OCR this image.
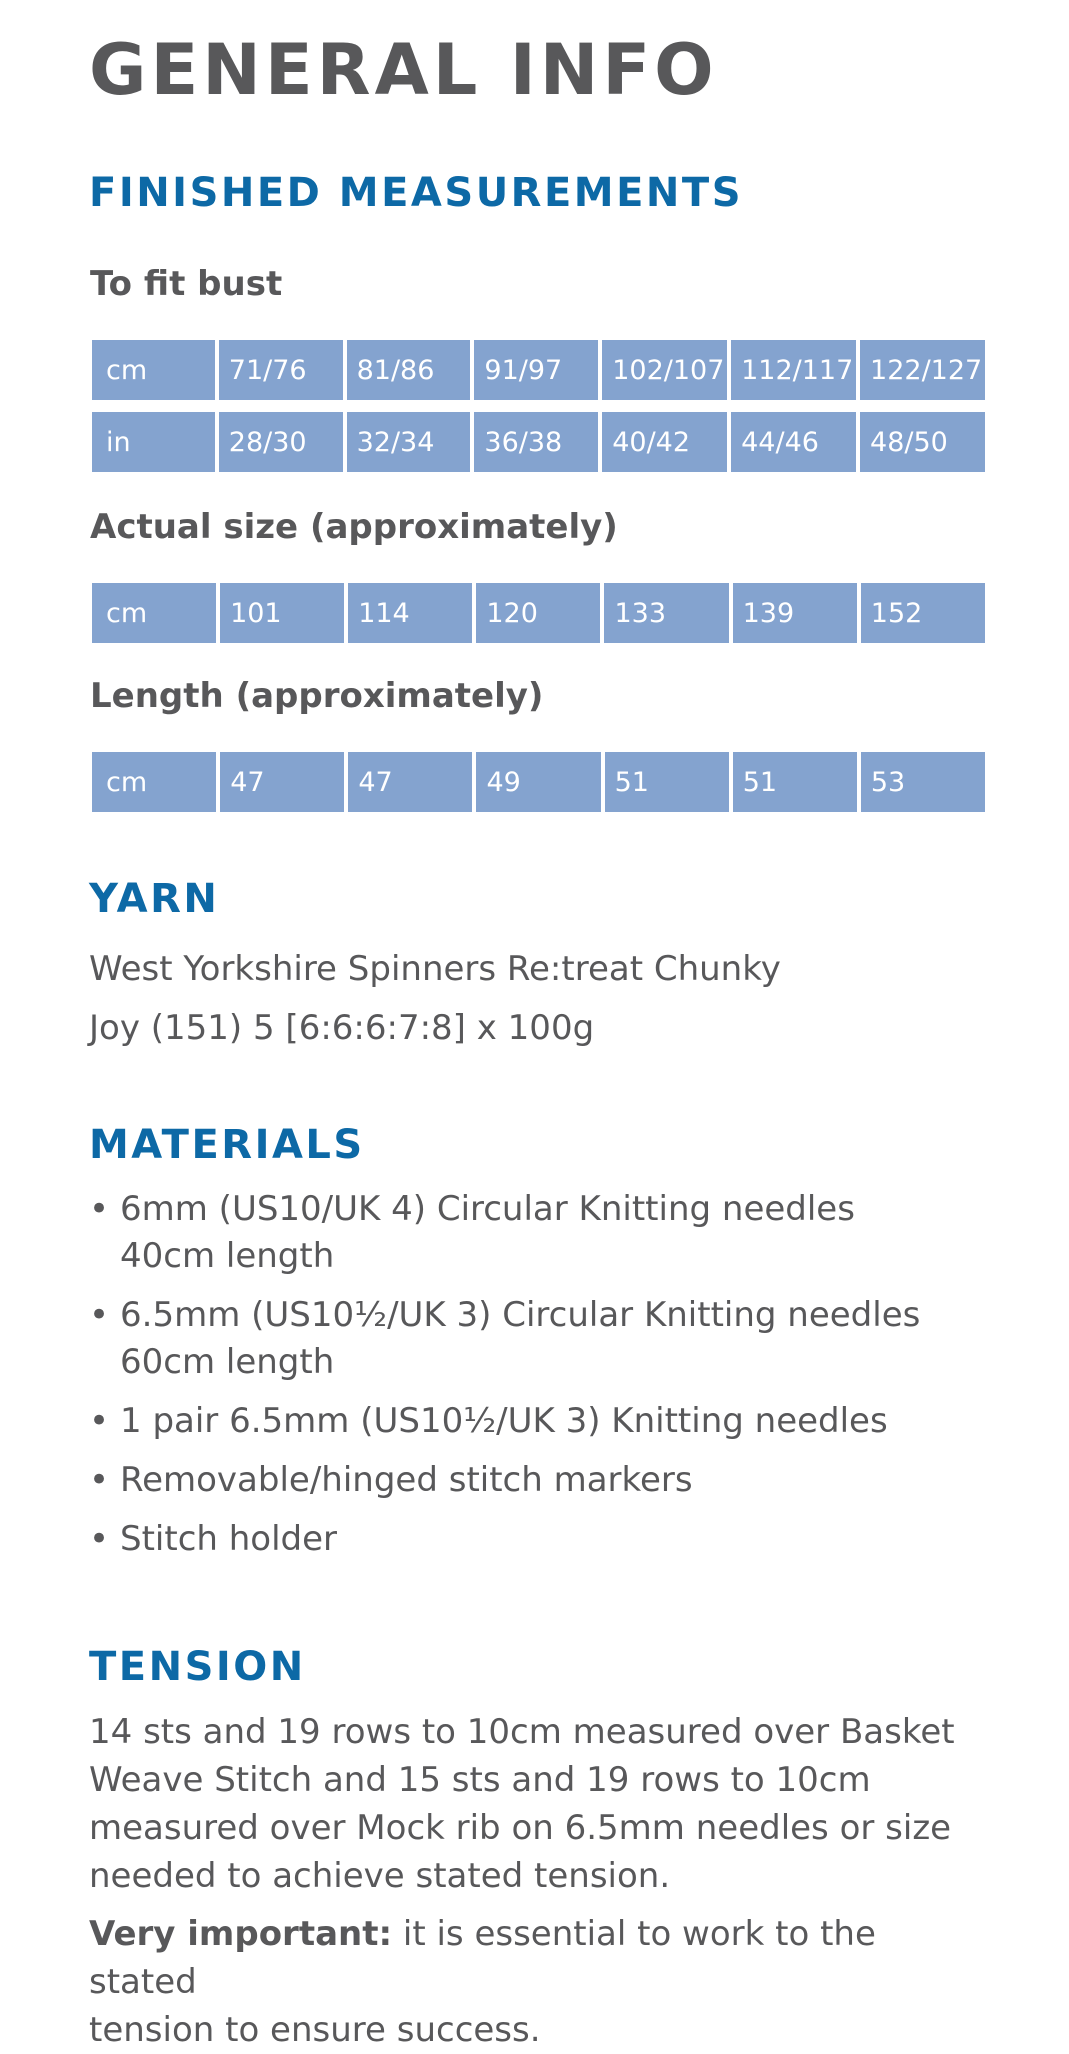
GENERAL INFO
FINISHED MEASUREMENTS

To fit bust

cm	71/76	81/86	91/97	102/107	112/117	122/127

in	28/30	32/34	36/38	40/42	44/46	48/50

Actual size (approximately)

cm	101	114	120	133	139	152

Length (approximately)

cm	47	47	49	51	51	53
YARN

West Yorkshire Spinners Re:treat Chunky
Joy (151) 5 [6:6:6:7:8] x 100g

MATERIALS
• 6mm (US10/UK 4) Circular Knitting needles
40cm length
• 6.5mm (US10½/UK 3) Circular Knitting needles
60cm length
• 1 pair 6.5mm (US10½/UK 3) Knitting needles
• Removable/hinged stitch markers
• Stitch holder
TENSION

14 sts and 19 rows to 10cm measured over Basket
Weave Stitch and 15 sts and 19 rows to 10cm
measured over Mock rib on 6.5mm needles or size
needed to achieve stated tension.

Very important: it is essential to work to the stated
tension to ensure success.
